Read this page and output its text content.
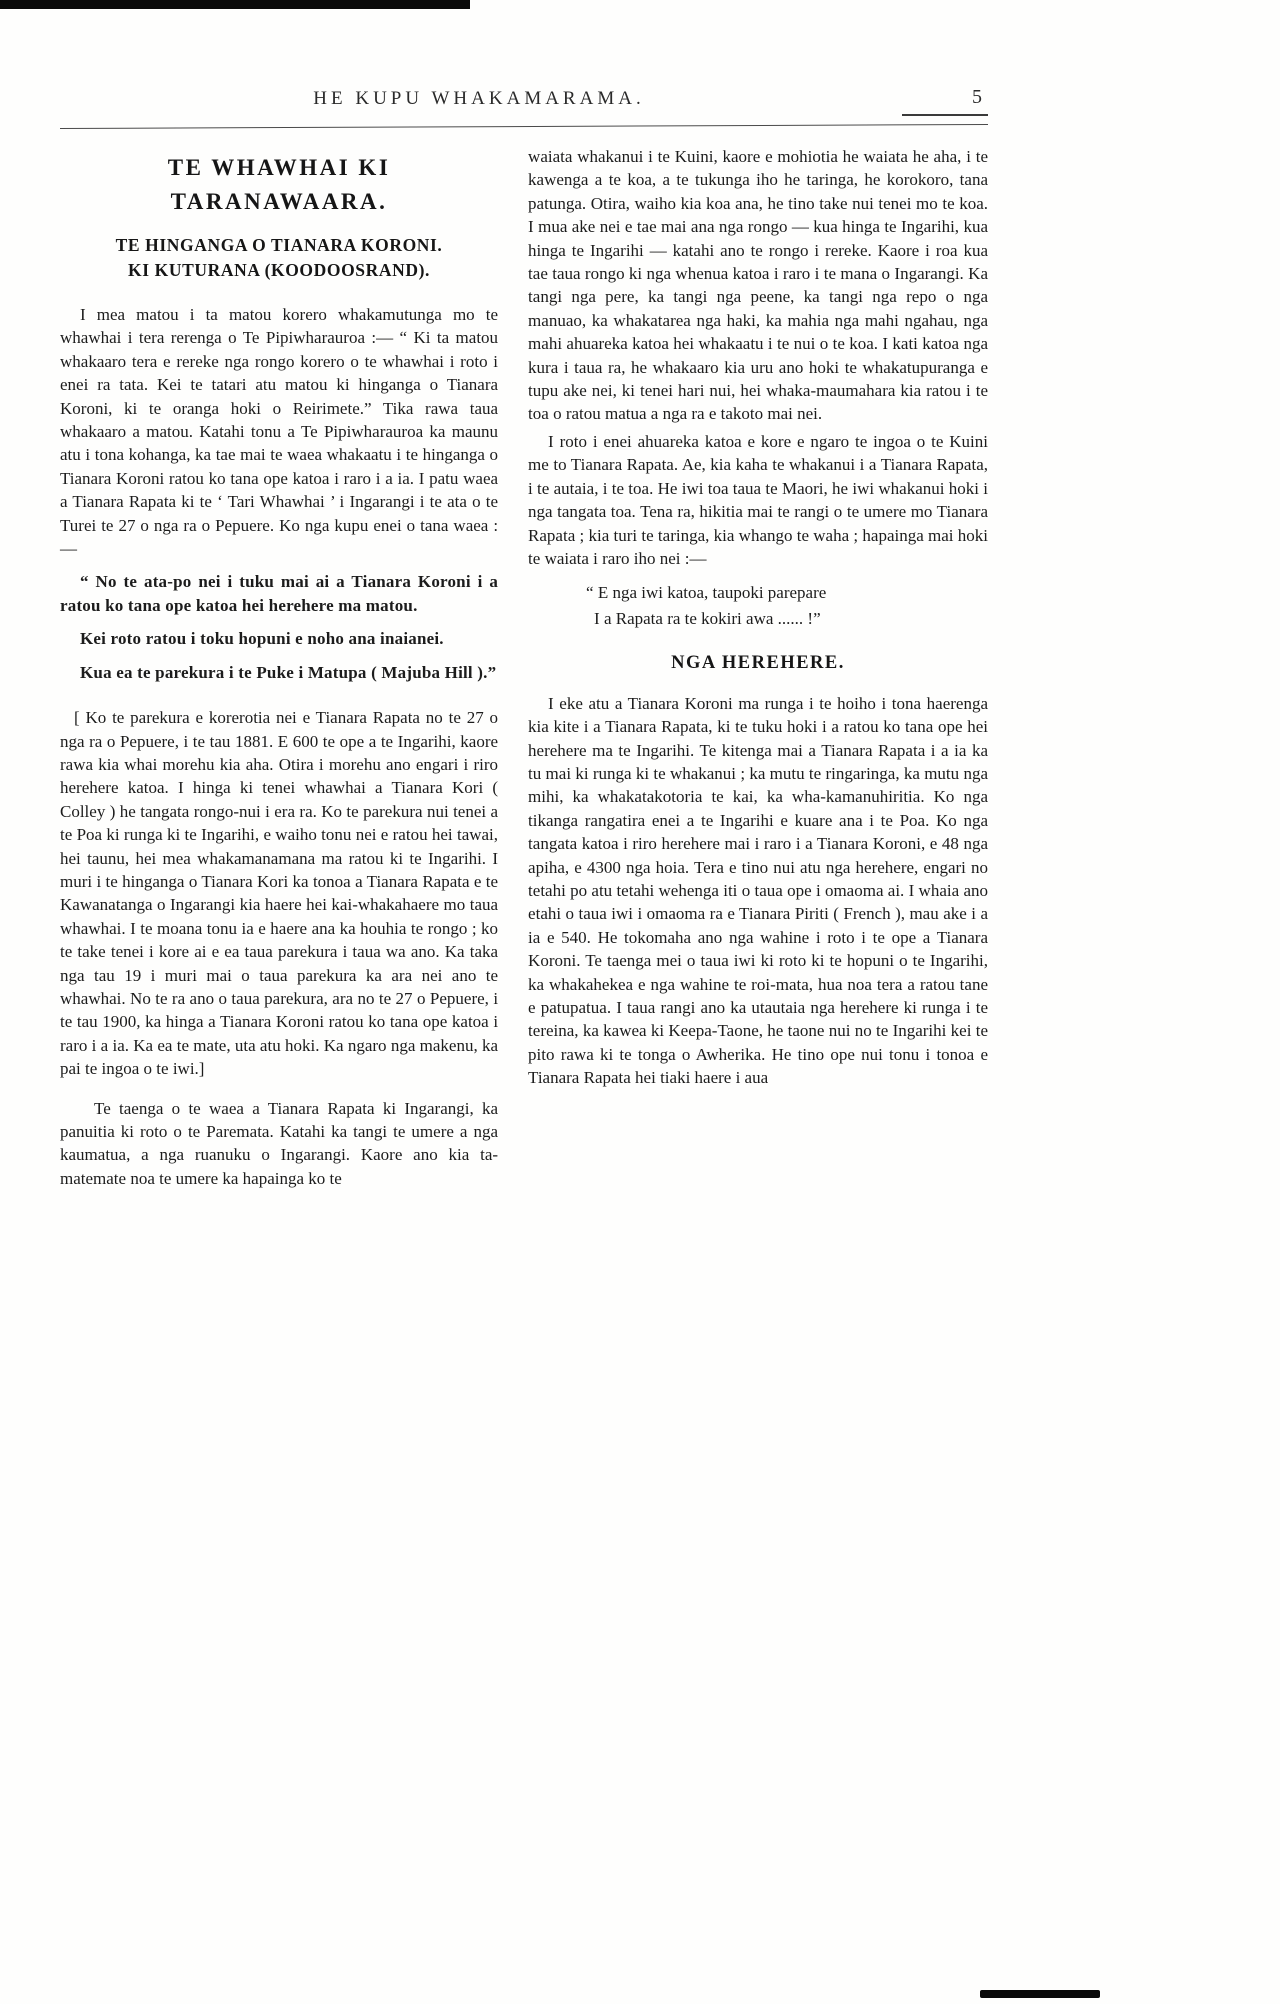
HE KUPU WHAKAMARAMA.	5
TE WHAWHAI KI
TARANAWAARA.
TE HINGANGA O TIANARA KORONI.
KI KUTURANA (KOODOOSRAND).

I mea matou i ta matou korero whakamutunga mo te whawhai i tera rerenga o Te Pipiwharauroa :— “ Ki ta matou whakaaro tera e rereke nga rongo korero o te whawhai i roto i enei ra tata. Kei te tatari atu matou ki hinganga o Tianara Koroni, ki te oranga hoki o Reirimete.” Tika rawa taua whakaaro a matou. Katahi tonu a Te Pipiwharauroa ka maunu atu i tona kohanga, ka tae mai te waea whakaatu i te hinganga o Tianara Koroni ratou ko tana ope katoa i raro i a ia. I patu waea a Tianara Rapata ki te ‘ Tari Whawhai ’ i Ingarangi i te ata o te Turei te 27 o nga ra o Pepuere. Ko nga kupu enei o tana waea :—

“ No te ata-po nei i tuku mai ai a Tianara Koroni i a ratou ko tana ope katoa hei herehere ma matou.

Kei roto ratou i toku hopuni e noho ana inaianei.

Kua ea te parekura i te Puke i Matupa ( Majuba Hill ).”

[ Ko te parekura e korerotia nei e Tianara Rapata no te 27 o nga ra o Pepuere, i te tau 1881. E 600 te ope a te Ingarihi, kaore rawa kia whai morehu kia aha. Otira i morehu ano engari i riro herehere katoa. I hinga ki tenei whawhai a Tianara Kori ( Colley ) he tangata rongo-nui i era ra. Ko te parekura nui tenei a te Poa ki runga ki te Ingarihi, e waiho tonu nei e ratou hei tawai, hei taunu, hei mea whakamanamana ma ratou ki te Ingarihi. I muri i te hinganga o Tianara Kori ka tonoa a Tianara Rapata e te Kawanatanga o Ingarangi kia haere hei kai-whakahaere mo taua whawhai. I te moana tonu ia e haere ana ka houhia te rongo ; ko te take tenei i kore ai e ea taua parekura i taua wa ano. Ka taka nga tau 19 i muri mai o taua parekura ka ara nei ano te whawhai. No te ra ano o taua parekura, ara no te 27 o Pepuere, i te tau 1900, ka hinga a Tianara Koroni ratou ko tana ope katoa i raro i a ia. Ka ea te mate, uta atu hoki. Ka ngaro nga makenu, ka pai te ingoa o te iwi.]

Te taenga o te waea a Tianara Rapata ki Ingarangi, ka panuitia ki roto o te Paremata. Katahi ka tangi te umere a nga kaumatua, a nga ruanuku o Ingarangi. Kaore ano kia ta-matemate noa te umere ka hapainga ko te

waiata whakanui i te Kuini, kaore e mohiotia he waiata he aha, i te kawenga a te koa, a te tukunga iho he taringa, he korokoro, tana patunga. Otira, waiho kia koa ana, he tino take nui tenei mo te koa. I mua ake nei e tae mai ana nga rongo — kua hinga te Ingarihi, kua hinga te Ingarihi — katahi ano te rongo i rereke. Kaore i roa kua tae taua rongo ki nga whenua katoa i raro i te mana o Ingarangi. Ka tangi nga pere, ka tangi nga peene, ka tangi nga repo o nga manuao, ka whakatarea nga haki, ka mahia nga mahi ngahau, nga mahi ahuareka katoa hei whakaatu i te nui o te koa. I kati katoa nga kura i taua ra, he whakaaro kia uru ano hoki te whakatupuranga e tupu ake nei, ki tenei hari nui, hei whaka-maumahara kia ratou i te toa o ratou matua a nga ra e takoto mai nei.

I roto i enei ahuareka katoa e kore e ngaro te ingoa o te Kuini me to Tianara Rapata. Ae, kia kaha te whakanui i a Tianara Rapata, i te autaia, i te toa. He iwi toa taua te Maori, he iwi whakanui hoki i nga tangata toa. Tena ra, hikitia mai te rangi o te umere mo Tianara Rapata ; kia turi te taringa, kia whango te waha ; hapainga mai hoki te waiata i raro iho nei :—

“ E nga iwi katoa, taupoki parepare
I a Rapata ra te kokiri awa ...... !”
NGA HEREHERE.

I eke atu a Tianara Koroni ma runga i te hoiho i tona haerenga kia kite i a Tianara Rapata, ki te tuku hoki i a ratou ko tana ope hei herehere ma te Ingarihi. Te kitenga mai a Tianara Rapata i a ia ka tu mai ki runga ki te whakanui ; ka mutu te ringaringa, ka mutu nga mihi, ka whakatakotoria te kai, ka wha-kamanuhiritia. Ko nga tikanga rangatira enei a te Ingarihi e kuare ana i te Poa. Ko nga tangata katoa i riro herehere mai i raro i a Tianara Koroni, e 48 nga apiha, e 4300 nga hoia. Tera e tino nui atu nga herehere, engari no tetahi po atu tetahi wehenga iti o taua ope i omaoma ai. I whaia ano etahi o taua iwi i omaoma ra e Tianara Piriti ( French ), mau ake i a ia e 540. He tokomaha ano nga wahine i roto i te ope a Tianara Koroni. Te taenga mei o taua iwi ki roto ki te hopuni o te Ingarihi, ka whakahekea e nga wahine te roi-mata, hua noa tera a ratou tane e patupatua. I taua rangi ano ka utautaia nga herehere ki runga i te tereina, ka kawea ki Keepa-Taone, he taone nui no te Ingarihi kei te pito rawa ki te tonga o Awherika. He tino ope nui tonu i tonoa e Tianara Rapata hei tiaki haere i aua
